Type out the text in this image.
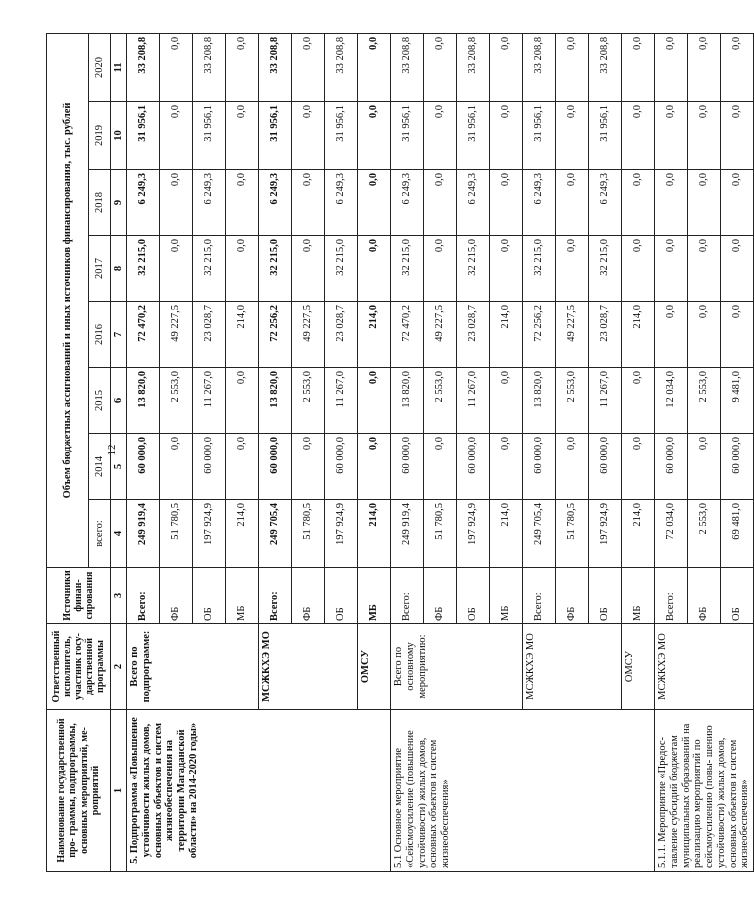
12
Наименование государственной про- граммы, подпрограммы, основных мероприятий, ме- роприятий	Ответственный исполнитель, участник госу- дарственной программы	Источники финан- сирования	Объем бюджетных ассигнований и иных источников финансирования, тыс. рублей							
			всего:	2014	2015	2016	2017	2018	2019	2020
1	2	3	4	5	6	7	8	9	10	11
5. Подпрограмма «Повышение устойчивости жилых домов, основных объектов и систем жизнеобеспечения на территории Магаданской области» на 2014-2020 годы»	Всего по подпрограмме:	Всего:	249 919,4	60 000,0	13 820,0	72 470,2	32 215,0	6 249,3	31 956,1	33 208,8
		ФБ	51 780,5	0,0	2 553,0	49 227,5	0,0	0,0	0,0	0,0
		ОБ	197 924,9	60 000,0	11 267,0	23 028,7	32 215,0	6 249,3	31 956,1	33 208,8
		МБ	214,0	0,0	0,0	214,0	0,0	0,0	0,0	0,0
	МСЖКХЭ МО	Всего:	249 705,4	60 000,0	13 820,0	72 256,2	32 215,0	6 249,3	31 956,1	33 208,8
		ФБ	51 780,5	0,0	2 553,0	49 227,5	0,0	0,0	0,0	0,0
		ОБ	197 924,9	60 000,0	11 267,0	23 028,7	32 215,0	6 249,3	31 956,1	33 208,8
	ОМСУ	МБ	214,0	0,0	0,0	214,0	0,0	0,0	0,0	0,0
5.1 Основное мероприятие «Сейсмоусиление (повышение устойчивости) жилых домов, основных объектов и систем жизнеобеспечения»	Всего по основному мероприятию:	Всего:	249 919,4	60 000,0	13 820,0	72 470,2	32 215,0	6 249,3	31 956,1	33 208,8
		ФБ	51 780,5	0,0	2 553,0	49 227,5	0,0	0,0	0,0	0,0
		ОБ	197 924,9	60 000,0	11 267,0	23 028,7	32 215,0	6 249,3	31 956,1	33 208,8
		МБ	214,0	0,0	0,0	214,0	0,0	0,0	0,0	0,0
	МСЖКХЭ МО	Всего:	249 705,4	60 000,0	13 820,0	72 256,2	32 215,0	6 249,3	31 956,1	33 208,8
		ФБ	51 780,5	0,0	2 553,0	49 227,5	0,0	0,0	0,0	0,0
		ОБ	197 924,9	60 000,0	11 267,0	23 028,7	32 215,0	6 249,3	31 956,1	33 208,8
	ОМСУ	МБ	214,0	0,0	0,0	214,0	0,0	0,0	0,0	0,0
5.1.1. Мероприятие «Предос- тавление субсидий бюджетам муниципальных образований на реализацию мероприятий по сейсмоусилению (повы- шению устойчивости) жилых домов, основных объектов и систем жизнеобеспечения»	МСЖКХЭ МО	Всего:	72 034,0	60 000,0	12 034,0	0,0	0,0	0,0	0,0	0,0
		ФБ	2 553,0	0,0	2 553,0	0,0	0,0	0,0	0,0	0,0
		ОБ	69 481,0	60 000,0	9 481,0	0,0	0,0	0,0	0,0	0,0
